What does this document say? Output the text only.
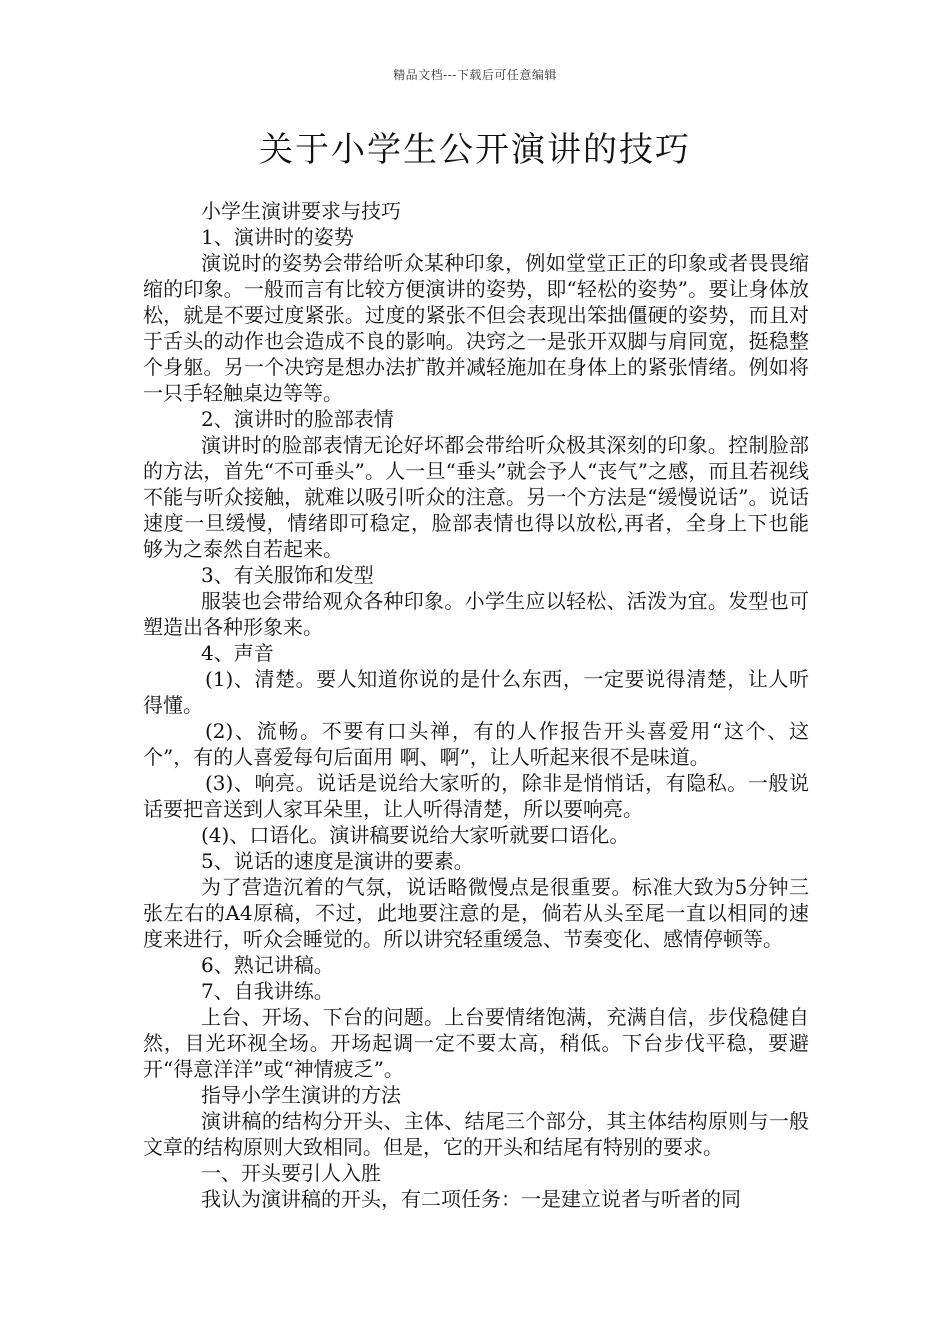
精品文档---下载后可任意编辑
关于小学生公开演讲的技巧

小学生演讲要求与技巧

1、演讲时的姿势

演说时的姿势会带给听众某种印象，例如堂堂正正的印象或者畏畏缩缩的印象。一般而言有比较方便演讲的姿势，即“轻松的姿势”。要让身体放松，就是不要过度紧张。过度的紧张不但会表现出笨拙僵硬的姿势，而且对于舌头的动作也会造成不良的影响。决窍之一是张开双脚与肩同宽，挺稳整个身躯。另一个决窍是想办法扩散并减轻施加在身体上的紧张情绪。例如将一只手轻触桌边等等。

2、演讲时的脸部表情

演讲时的脸部表情无论好坏都会带给听众极其深刻的印象。控制脸部的方法，首先“不可垂头”。人一旦“垂头”就会予人“丧气”之感，而且若视线不能与听众接触，就难以吸引听众的注意。另一个方法是“缓慢说话”。说话速度一旦缓慢，情绪即可稳定，脸部表情也得以放松,再者，全身上下也能够为之泰然自若起来。

3、有关服饰和发型

服装也会带给观众各种印象。小学生应以轻松、活泼为宜。发型也可塑造出各种形象来。

4、声音

(1)、清楚。要人知道你说的是什么东西，一定要说得清楚，让人听得懂。

(2)、流畅。不要有口头禅，有的人作报告开头喜爱用“这个、这个”，有的人喜爱每句后面用 啊、啊”，让人听起来很不是味道。

(3)、响亮。说话是说给大家听的，除非是悄悄话，有隐私。一般说话要把音送到人家耳朵里，让人听得清楚，所以要响亮。

(4)、口语化。演讲稿要说给大家听就要口语化。

5、说话的速度是演讲的要素。

为了营造沉着的气氛，说话略微慢点是很重要。标准大致为5分钟三张左右的A4原稿，不过，此地要注意的是，倘若从头至尾一直以相同的速度来进行，听众会睡觉的。所以讲究轻重缓急、节奏变化、感情停顿等。

6、熟记讲稿。

7、自我讲练。

上台、开场、下台的问题。上台要情绪饱满，充满自信，步伐稳健自然，目光环视全场。开场起调一定不要太高，稍低。下台步伐平稳，要避开“得意洋洋”或“神情疲乏”。

指导小学生演讲的方法

演讲稿的结构分开头、主体、结尾三个部分，其主体结构原则与一般文章的结构原则大致相同。但是，它的开头和结尾有特别的要求。

一、开头要引人入胜

我认为演讲稿的开头，有二项任务：一是建立说者与听者的同
